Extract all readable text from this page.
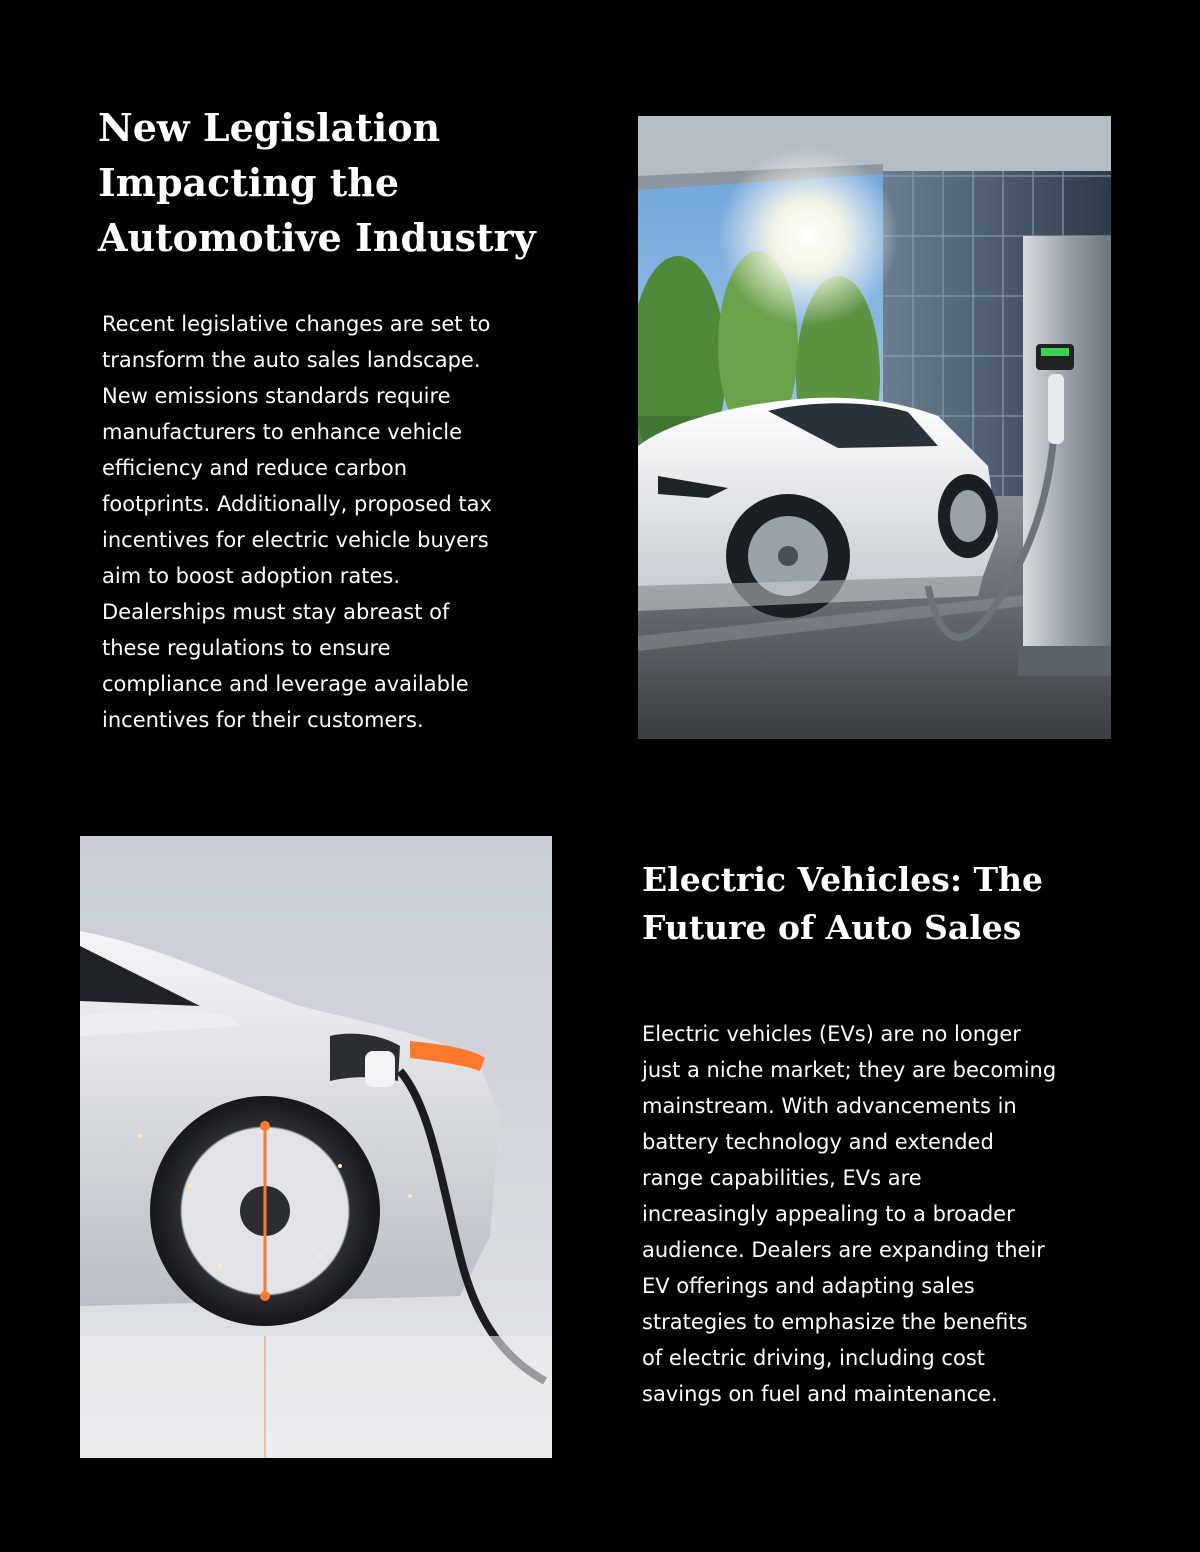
New Legislation
Impacting the
Automotive Industry

Recent legislative changes are set to
transform the auto sales landscape.
New emissions standards require
manufacturers to enhance vehicle
efficiency and reduce carbon
footprints. Additionally, proposed tax
incentives for electric vehicle buyers
aim to boost adoption rates.
Dealerships must stay abreast of
these regulations to ensure
compliance and leverage available
incentives for their customers.

Electric Vehicles: The
Future of Auto Sales

Electric vehicles (EVs) are no longer
just a niche market; they are becoming
mainstream. With advancements in
battery technology and extended
range capabilities, EVs are
increasingly appealing to a broader
audience. Dealers are expanding their
EV offerings and adapting sales
strategies to emphasize the benefits
of electric driving, including cost
savings on fuel and maintenance.
